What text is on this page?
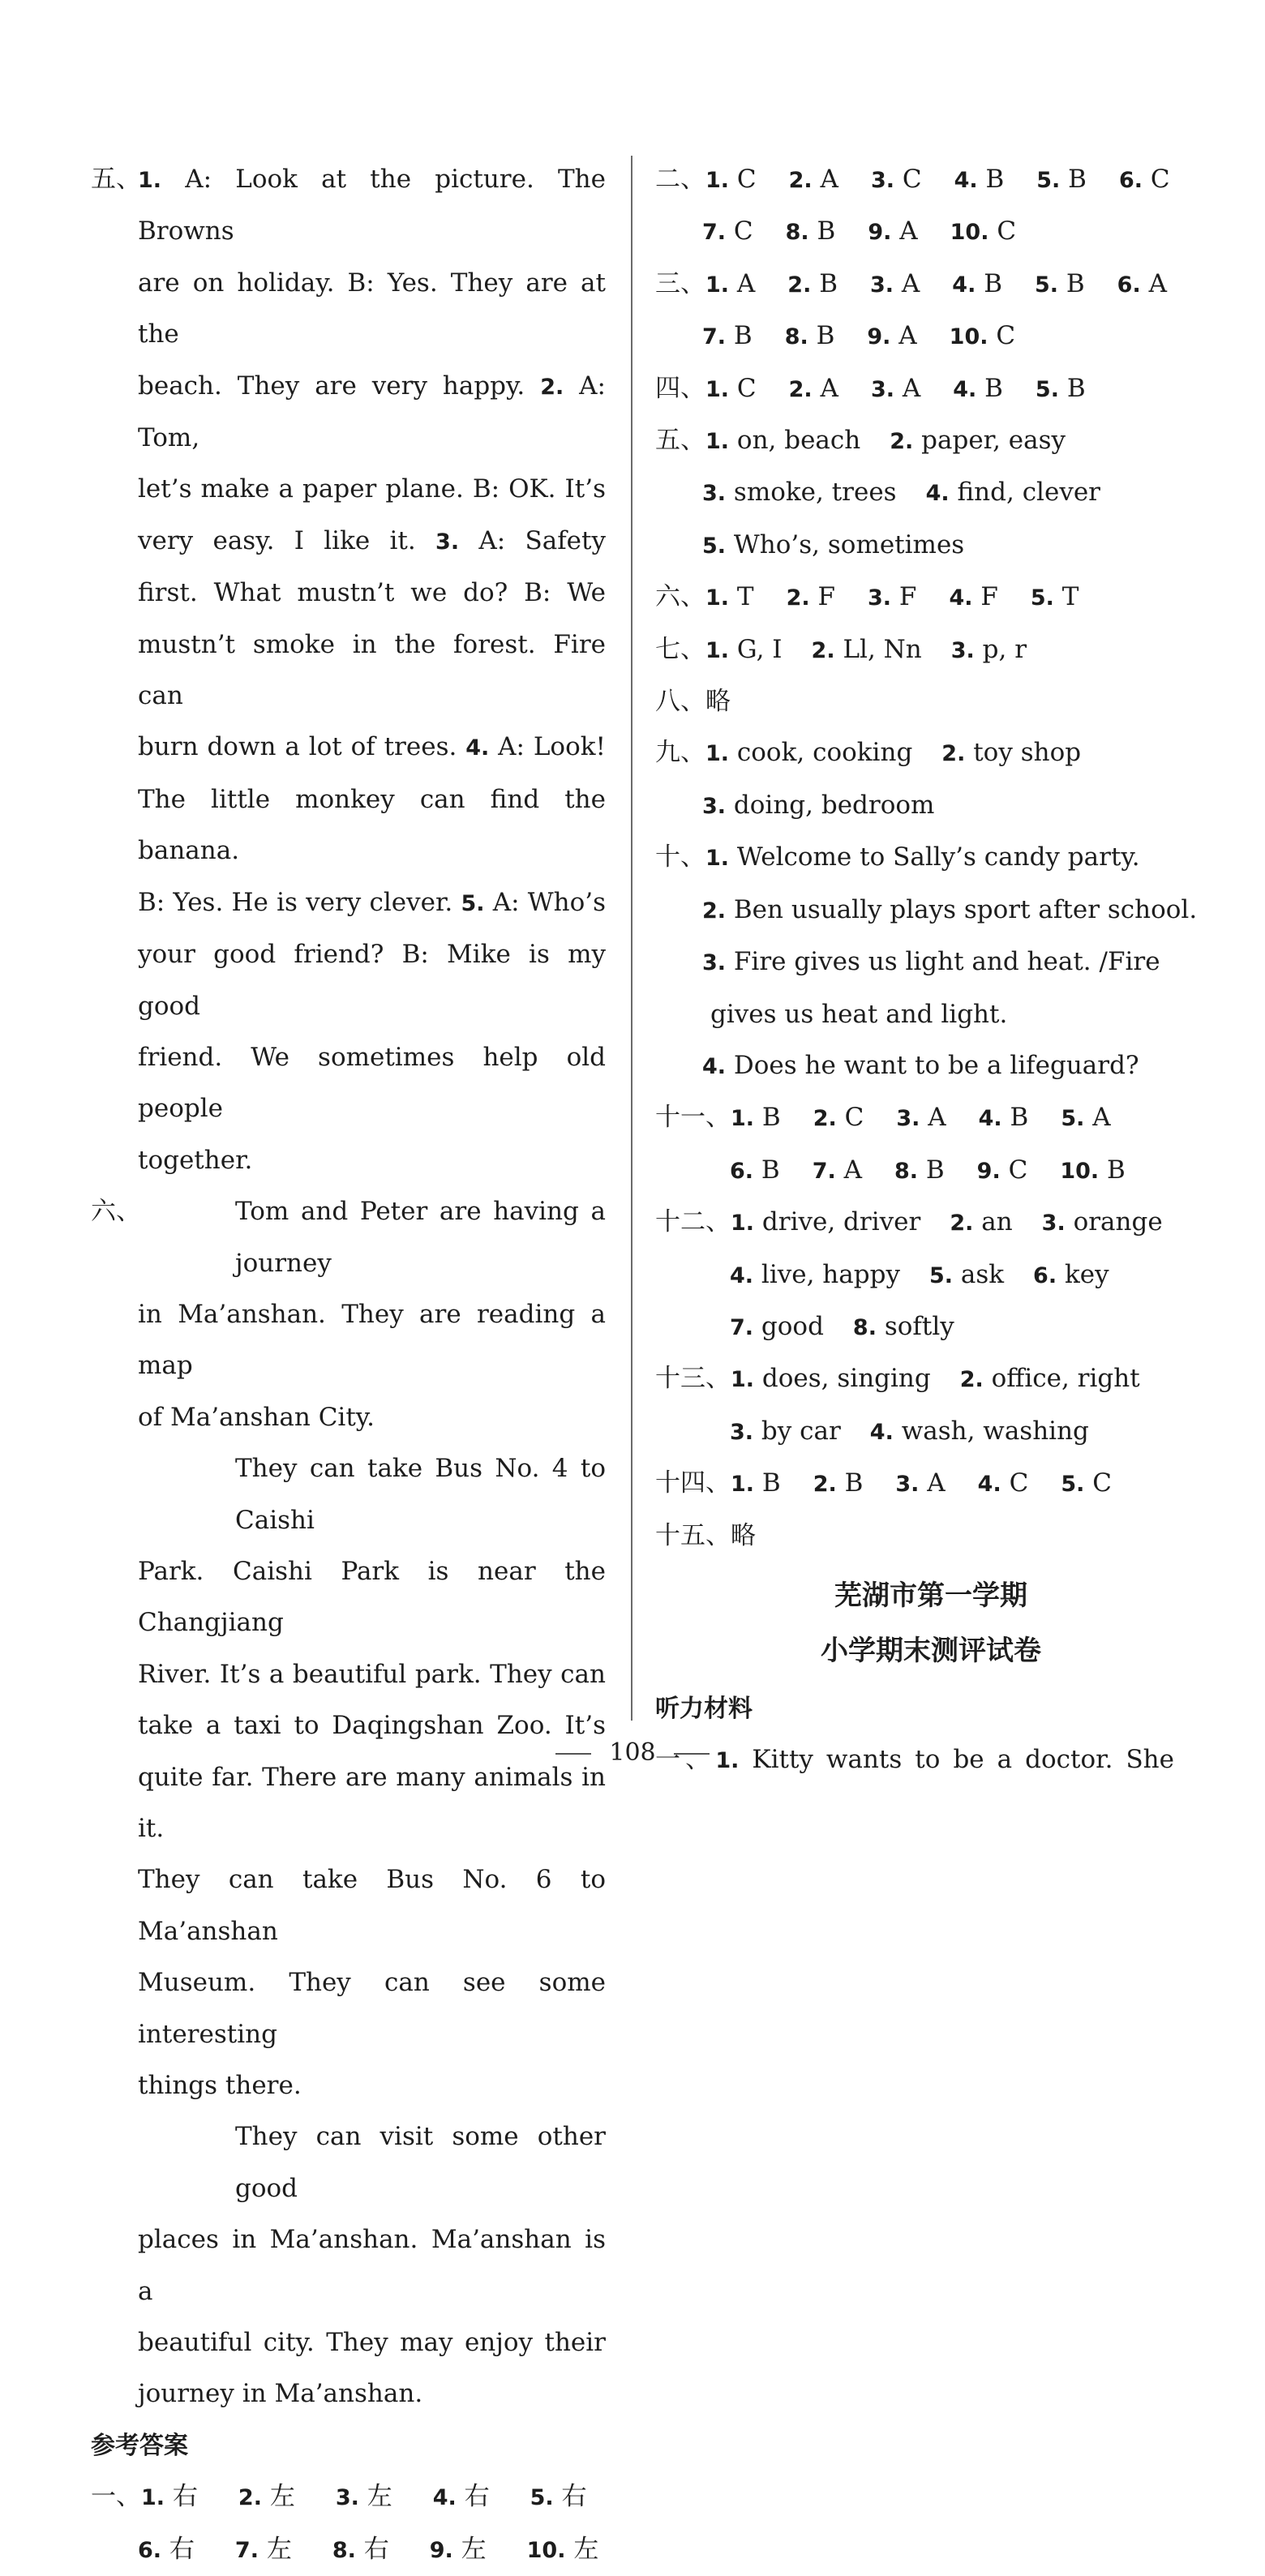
五、
1. A: Look at the picture. The Browns
are on holiday. B: Yes. They are at the
beach. They are very happy. 2. A: Tom,
let’s make a paper plane. B: OK. It’s
very easy. I like it. 3. A: Safety
first. What mustn’t we do? B: We
mustn’t smoke in the forest. Fire can
burn down a lot of trees. 4. A: Look!
The little monkey can find the banana.
B: Yes. He is very clever. 5. A: Who’s
your good friend? B: Mike is my good
friend. We sometimes help old people
together.
六、	Tom and Peter are having a journey
in Ma’anshan. They are reading a map
of Ma’anshan City.
They can take Bus No. 4 to Caishi
Park. Caishi Park is near the Changjiang
River. It’s a beautiful park. They can
take a taxi to Daqingshan Zoo. It’s
quite far. There are many animals in it.
They can take Bus No. 6 to Ma’anshan
Museum. They can see some interesting
things there.
They can visit some other good
places in Ma’anshan. Ma’anshan is a
beautiful city. They may enjoy their
journey in Ma’anshan.
参考答案
一、1. 右 2. 左 3. 左 4. 右 5. 右
6. 右 7. 左 8. 右 9. 左 10. 左
二、1. C 2. A 3. C 4. B 5. B 6. C
7. C 8. B 9. A 10. C
三、1. A 2. B 3. A 4. B 5. B 6. A
7. B 8. B 9. A 10. C
四、1. C 2. A 3. A 4. B 5. B
五、1. on, beach 2. paper, easy
3. smoke, trees 4. find, clever
5. Who’s, sometimes
六、1. T 2. F 3. F 4. F 5. T
七、1. G, I 2. Ll, Nn 3. p, r
八、略
九、1. cook, cooking 2. toy shop
3. doing, bedroom
十、1. Welcome to Sally’s candy party.
2. Ben usually plays sport after school.
3. Fire gives us light and heat. /Fire
gives us heat and light.
4. Does he want to be a lifeguard?
十一、1. B 2. C 3. A 4. B 5. A
6. B 7. A 8. B 9. C 10. B
十二、1. drive, driver 2. an 3. orange
4. live, happy 5. ask 6. key
7. good 8. softly
十三、1. does, singing 2. office, right
3. by car 4. wash, washing
十四、1. B 2. B 3. A 4. C 5. C
十五、略
芜湖市第一学期
小学期末测评试卷
听力材料
一、1. Kitty wants to be a doctor. She
108
